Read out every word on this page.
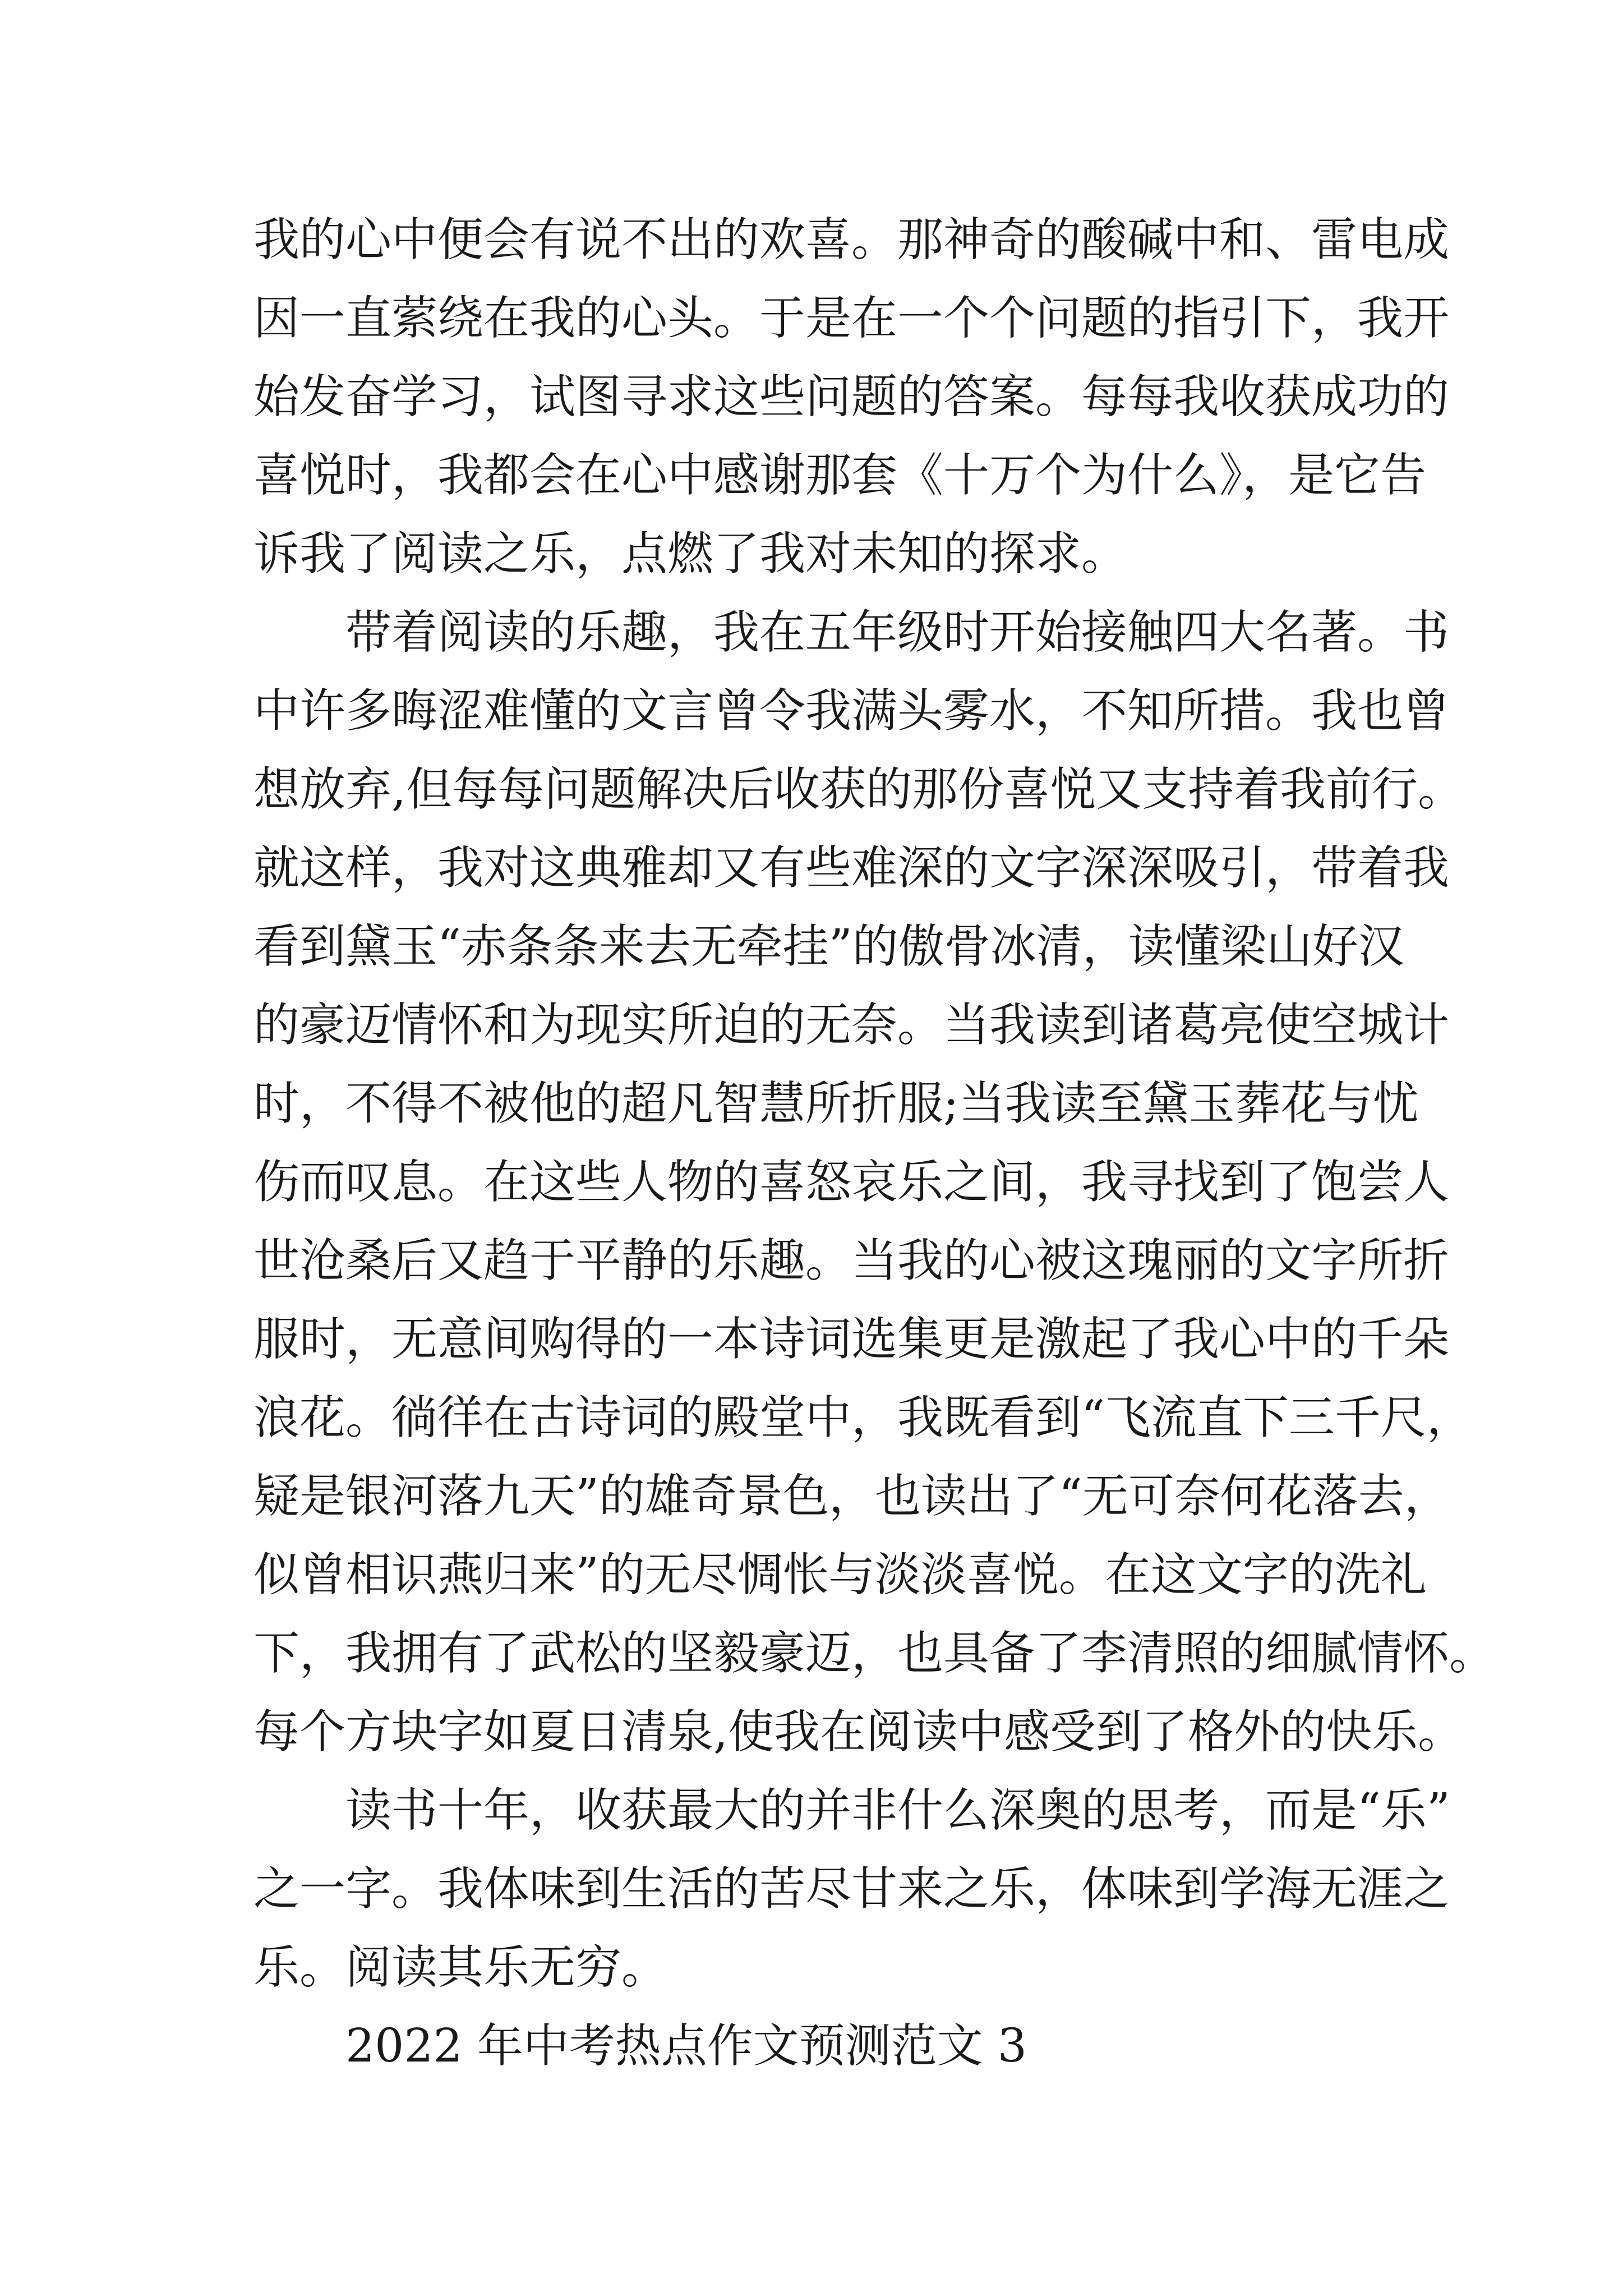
我的心中便会有说不出的欢喜。那神奇的酸碱中和、雷电成
因一直萦绕在我的心头。于是在一个个问题的指引下，我开
始发奋学习，试图寻求这些问题的答案。每每我收获成功的
喜悦时，我都会在心中感谢那套《十万个为什么》，是它告
诉我了阅读之乐，点燃了我对未知的探求。
带着阅读的乐趣，我在五年级时开始接触四大名著。书
中许多晦涩难懂的文言曾令我满头雾水，不知所措。我也曾
想放弃,但每每问题解决后收获的那份喜悦又支持着我前行。
就这样，我对这典雅却又有些难深的文字深深吸引，带着我
看到黛玉“赤条条来去无牵挂”的傲骨冰清，读懂梁山好汉
的豪迈情怀和为现实所迫的无奈。当我读到诸葛亮使空城计
时，不得不被他的超凡智慧所折服;当我读至黛玉葬花与忧
伤而叹息。在这些人物的喜怒哀乐之间，我寻找到了饱尝人
世沧桑后又趋于平静的乐趣。当我的心被这瑰丽的文字所折
服时，无意间购得的一本诗词选集更是激起了我心中的千朵
浪花。徜徉在古诗词的殿堂中，我既看到“飞流直下三千尺，
疑是银河落九天”的雄奇景色，也读出了“无可奈何花落去，
似曾相识燕归来”的无尽惆怅与淡淡喜悦。在这文字的洗礼
下，我拥有了武松的坚毅豪迈，也具备了李清照的细腻情怀。
每个方块字如夏日清泉,使我在阅读中感受到了格外的快乐。
读书十年，收获最大的并非什么深奥的思考，而是“乐”
之一字。我体味到生活的苦尽甘来之乐，体味到学海无涯之
乐。阅读其乐无穷。
2022 年中考热点作文预测范文 3
